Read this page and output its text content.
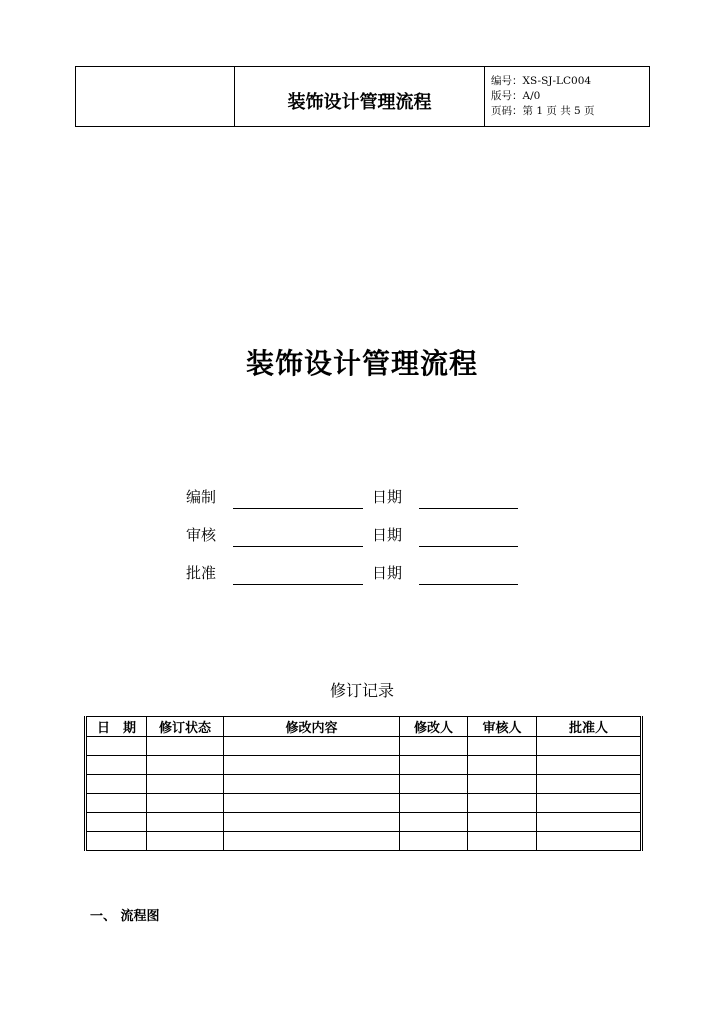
	装饰设计管理流程	
编号：XS-SJ-LC004
版号：A/0
页码：第 1 页 共 5 页
装饰设计管理流程
编制	日期
审核	日期
批准	日期
修订记录
日　期	修订状态	修改内容	修改人	审核人	批准人

一、 流程图
